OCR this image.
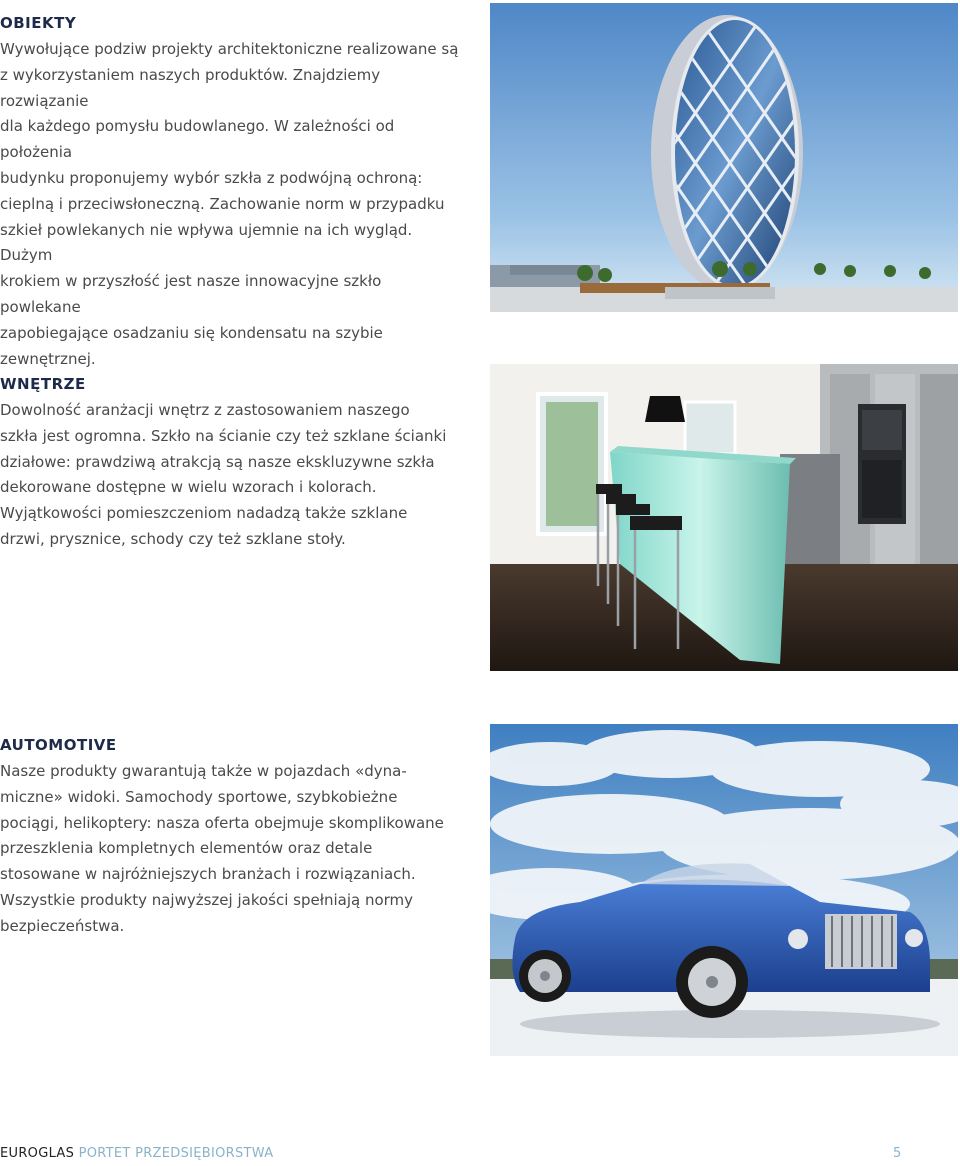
OBIEKTY

Wywołujące podziw projekty architektoniczne realizowane są
z wykorzystaniem naszych produktów. Znajdziemy rozwiązanie
dla każdego pomysłu budowlanego. W zależności od położenia
budynku proponujemy wybór szkła z podwójną ochroną:
cieplną i przeciwsłoneczną. Zachowanie norm w przypadku
szkieł powlekanych nie wpływa ujemnie na ich wygląd. Dużym
krokiem w przyszłość jest nasze innowacyjne szkło powlekane
zapobiegające osadzaniu się kondensatu na szybie zewnętrznej.

WNĘTRZE

Dowolność aranżacji wnętrz z zastosowaniem naszego
szkła jest ogromna. Szkło na ścianie czy też szklane ścianki
działowe: prawdziwą atrakcją są nasze ekskluzywne szkła
dekorowane dostępne w wielu wzorach i kolorach.
Wyjątkowości pomieszczeniom nadadzą także szklane
drzwi, prysznice, schody czy też szklane stoły.

AUTOMOTIVE

Nasze produkty gwarantują także w pojazdach «dyna-
miczne» widoki. Samochody sportowe, szybkobieżne
pociągi, helikoptery: nasza oferta obejmuje skomplikowane
przeszklenia kompletnych elementów oraz detale
stosowane w najróżniejszych branżach i rozwiązaniach.
Wszystkie produkty najwyższej jakości spełniają normy
bezpieczeństwa.

EUROGLAS PORTET PRZEDSIĘBIORSTWA	5
